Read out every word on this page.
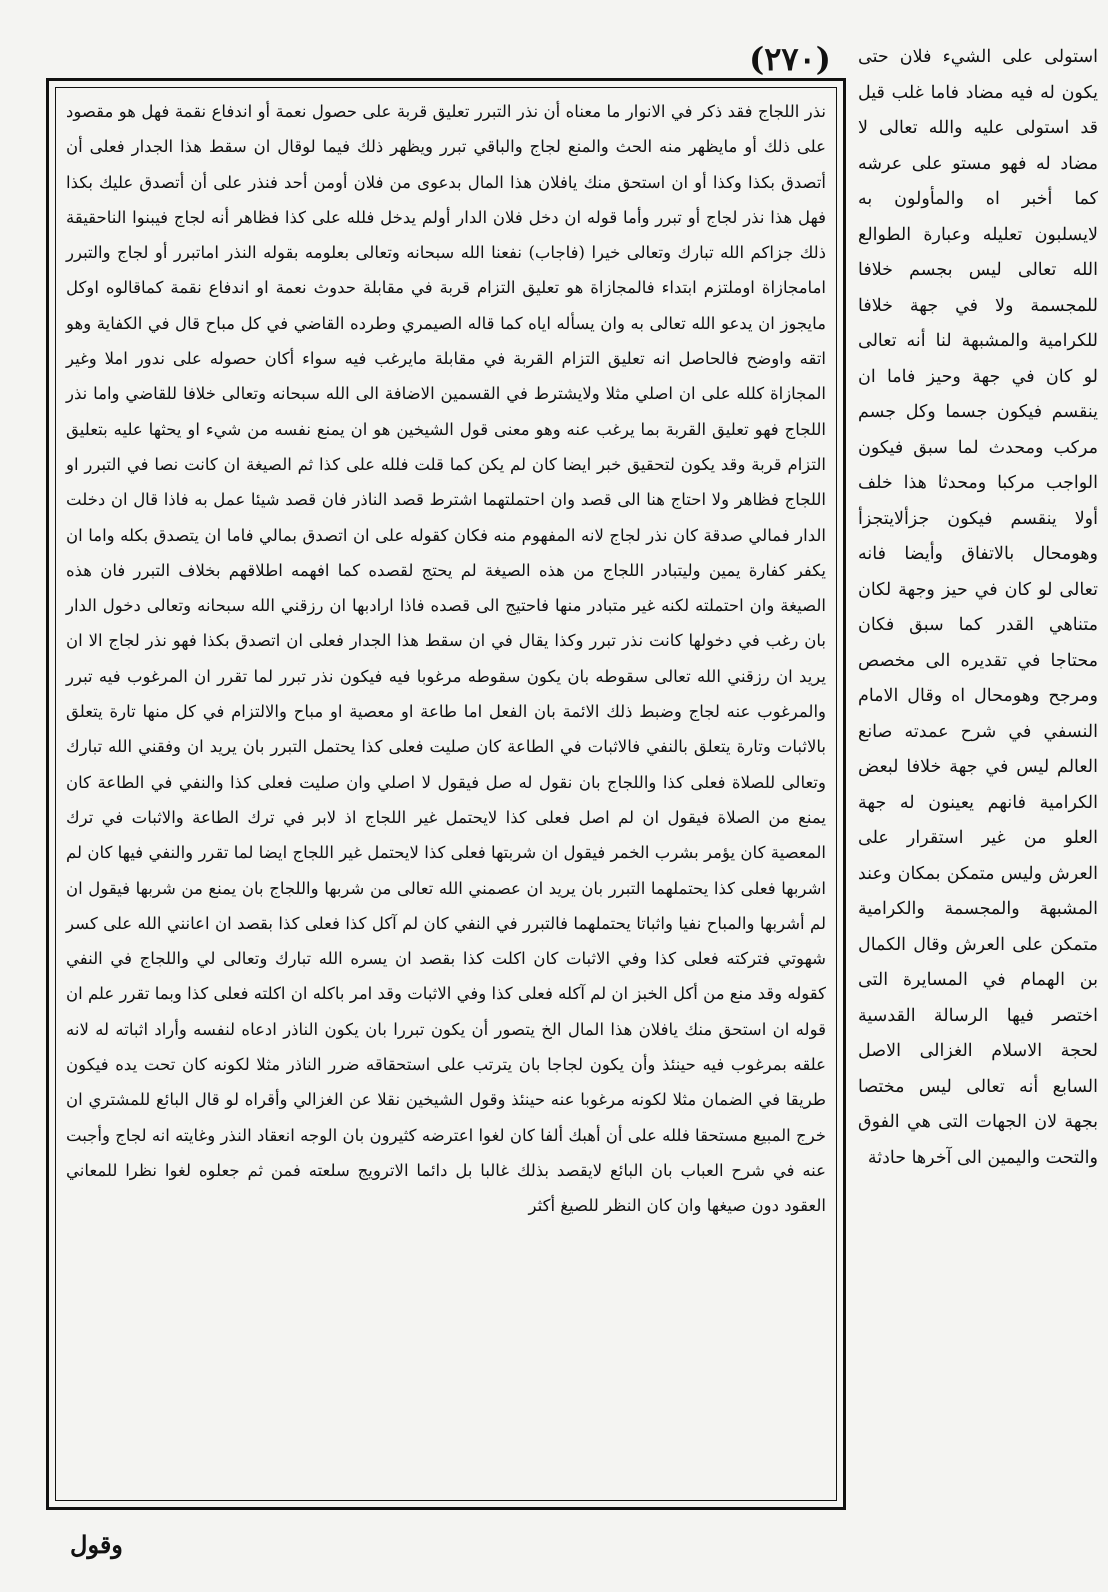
(٢٧٠)	استولى على الشيء فلان حتى يكون له فيه مضاد فاما غلب قيل قد استولى عليه والله تعالى لا مضاد له فهو مستو على عرشه كما أخبر اه والمأولون به لايسلبون تعليله وعبارة الطوالع الله تعالى ليس بجسم خلافا للمجسمة ولا في جهة خلافا للكرامية والمشبهة لنا أنه تعالى لو كان في جهة وحيز فاما ان ينقسم فيكون جسما وكل جسم مركب ومحدث لما سبق فيكون الواجب مركبا ومحدثا هذا خلف أولا ينقسم فيكون جزألايتجزأ وهومحال بالاتفاق وأيضا فانه تعالى لو كان في حيز وجهة لكان متناهي القدر كما سبق فكان محتاجا في تقديره الى مخصص ومرجح وهومحال اه وقال الامام النسفي في شرح عمدته صانع العالم ليس في جهة خلافا لبعض الكرامية فانهم يعينون له جهة العلو من غير استقرار على العرش وليس متمكن بمكان وعند المشبهة والمجسمة والكرامية متمكن على العرش وقال الكمال بن الهمام في المسايرة التى اختصر فيها الرسالة القدسية لحجة الاسلام الغزالى الاصل السابع أنه تعالى ليس مختصا بجهة لان الجهات التى هي الفوق والتحت واليمين الى آخرها حادثة

نذر اللجاج فقد ذكر في الانوار ما معناه أن نذر التبرر تعليق قربة على حصول نعمة أو اندفاع نقمة فهل هو مقصود على ذلك أو مايظهر منه الحث والمنع لجاج والباقي تبرر ويظهر ذلك فيما لوقال ان سقط هذا الجدار فعلى أن أتصدق بكذا وكذا أو ان استحق منك يافلان هذا المال بدعوى من فلان أومن أحد فنذر على أن أتصدق عليك بكذا فهل هذا نذر لجاج أو تبرر وأما قوله ان دخل فلان الدار أولم يدخل فلله على كذا فظاهر أنه لجاج فيبنوا الناحقيقة ذلك جزاكم الله تبارك وتعالى خيرا (فاجاب) نفعنا الله سبحانه وتعالى بعلومه بقوله النذر اماتبرر أو لجاج والتبرر امامجازاة اوملتزم ابتداء فالمجازاة هو تعليق التزام قربة في مقابلة حدوث نعمة او اندفاع نقمة كماقالوه اوكل مايجوز ان يدعو الله تعالى به وان يسأله اياه كما قاله الصيمري وطرده القاضي في كل مباح قال في الكفاية وهو اتقه واوضح فالحاصل انه تعليق التزام القربة في مقابلة مايرغب فيه سواء أكان حصوله على ندور املا وغير المجازاة كلله على ان اصلي مثلا ولايشترط في القسمين الاضافة الى الله سبحانه وتعالى خلافا للقاضي واما نذر اللجاج فهو تعليق القربة بما يرغب عنه وهو معنى قول الشيخين هو ان يمنع نفسه من شيء او يحثها عليه بتعليق التزام قربة وقد يكون لتحقيق خبر ايضا كان لم يكن كما قلت فلله على كذا ثم الصيغة ان كانت نصا في التبرر او اللجاج فظاهر ولا احتاج هنا الى قصد وان احتملتهما اشترط قصد الناذر فان قصد شيئا عمل به فاذا قال ان دخلت الدار فمالي صدقة كان نذر لجاج لانه المفهوم منه فكان كقوله على ان اتصدق بمالي فاما ان يتصدق بكله واما ان يكفر كفارة يمين وليتبادر اللجاج من هذه الصيغة لم يحتج لقصده كما افهمه اطلاقهم بخلاف التبرر فان هذه الصيغة وان احتملته لكنه غير متبادر منها فاحتيج الى قصده فاذا ارادبها ان رزقني الله سبحانه وتعالى دخول الدار بان رغب في دخولها كانت نذر تبرر وكذا يقال في ان سقط هذا الجدار فعلى ان اتصدق بكذا فهو نذر لجاج الا ان يريد ان رزقني الله تعالى سقوطه بان يكون سقوطه مرغوبا فيه فيكون نذر تبرر لما تقرر ان المرغوب فيه تبرر والمرغوب عنه لجاج وضبط ذلك الائمة بان الفعل اما طاعة او معصية او مباح والالتزام في كل منها تارة يتعلق بالاثبات وتارة يتعلق بالنفي فالاثبات في الطاعة كان صليت فعلى كذا يحتمل التبرر بان يريد ان وفقني الله تبارك وتعالى للصلاة فعلى كذا واللجاج بان نقول له صل فيقول لا اصلي وان صليت فعلى كذا والنفي في الطاعة كان يمنع من الصلاة فيقول ان لم اصل فعلى كذا لايحتمل غير اللجاج اذ لابر في ترك الطاعة والاثبات في ترك المعصية كان يؤمر بشرب الخمر فيقول ان شربتها فعلى كذا لايحتمل غير اللجاج ايضا لما تقرر والنفي فيها كان لم اشربها فعلى كذا يحتملهما التبرر بان يريد ان عصمني الله تعالى من شربها واللجاج بان يمنع من شربها فيقول ان لم أشربها والمباح نفيا واثباتا يحتملهما فالتبرر في النفي كان لم آكل كذا فعلى كذا بقصد ان اعانني الله على كسر شهوتي فتركته فعلى كذا وفي الاثبات كان اكلت كذا بقصد ان يسره الله تبارك وتعالى لي واللجاج في النفي كقوله وقد منع من أكل الخبز ان لم آكله فعلى كذا وفي الاثبات وقد امر باكله ان اكلته فعلى كذا وبما تقرر علم ان قوله ان استحق منك يافلان هذا المال الخ يتصور أن يكون تبررا بان يكون الناذر ادعاه لنفسه وأراد اثباته له لانه علقه بمرغوب فيه حينئذ وأن يكون لجاجا بان يترتب على استحقاقه ضرر الناذر مثلا لكونه كان تحت يده فيكون طريقا في الضمان مثلا لكونه مرغوبا عنه حينئذ وقول الشيخين نقلا عن الغزالي وأقراه لو قال البائع للمشتري ان خرج المبيع مستحقا فلله على أن أهبك ألفا كان لغوا اعترضه كثيرون بان الوجه انعقاد النذر وغايته انه لجاج وأجبت عنه في شرح العباب بان البائع لايقصد بذلك غالبا بل دائما الاترويج سلعته فمن ثم جعلوه لغوا نظرا للمعاني العقود دون صيغها وان كان النظر للصيغ أكثر

وقول
